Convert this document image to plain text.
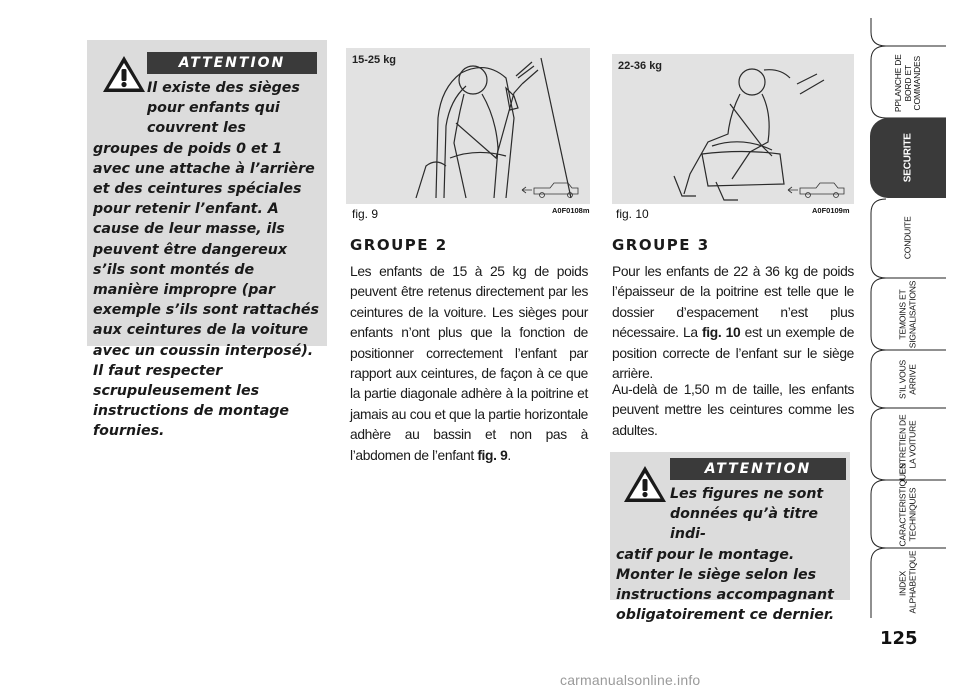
ATTENTION
Il existe des sièges pour enfants qui couvrent les
groupes de poids 0 et 1 avec une attache à l’arrière et des ceintures spéciales pour retenir l’enfant. A cause de leur masse, ils peuvent être dangereux s’ils sont montés de manière impropre (par exemple s’ils sont rattachés aux ceintures de la voiture avec un coussin interposé). Il faut respecter scrupuleusement les instructions de montage fournies.
15-25 kg
fig. 9	A0F0108m
22-36 kg
fig. 10	A0F0109m
GROUPE 2

Les enfants de 15 à 25 kg de poids peuvent être retenus directement par les ceintures de la voiture. Les sièges pour enfants n’ont plus que la fonction de positionner correctement l’enfant par rapport aux ceintures, de façon à ce que la partie diagonale adhère à la poitrine et jamais au cou et que la partie horizontale adhère au bassin et non pas à l’abdomen de l’enfant fig. 9.

GROUPE 3

Pour les enfants de 22 à 36 kg de poids l’épaisseur de la poitrine est telle que le dossier d’espacement n’est plus nécessaire. La fig. 10 est un exemple de position correcte de l’enfant sur le siège arrière.

Au-delà de 1,50 m de taille, les enfants peuvent mettre les ceintures comme les adultes.

ATTENTION
Les figures ne sont données qu’à titre indi-
catif pour le montage. Monter le siège selon les instructions accompagnant obligatoirement ce dernier.
PPLANCHE DE BORD ET COMMANDES
SECURITE
CONDUITE
TEMOINS ET SIGNALISATIONS
S’IL VOUS ARRIVE
ENTRETIEN DE LA VOITURE
CARACTERISTIQUES TECHNIQUES
INDEX ALPHABETIQUE
125
carmanualsonline.info
